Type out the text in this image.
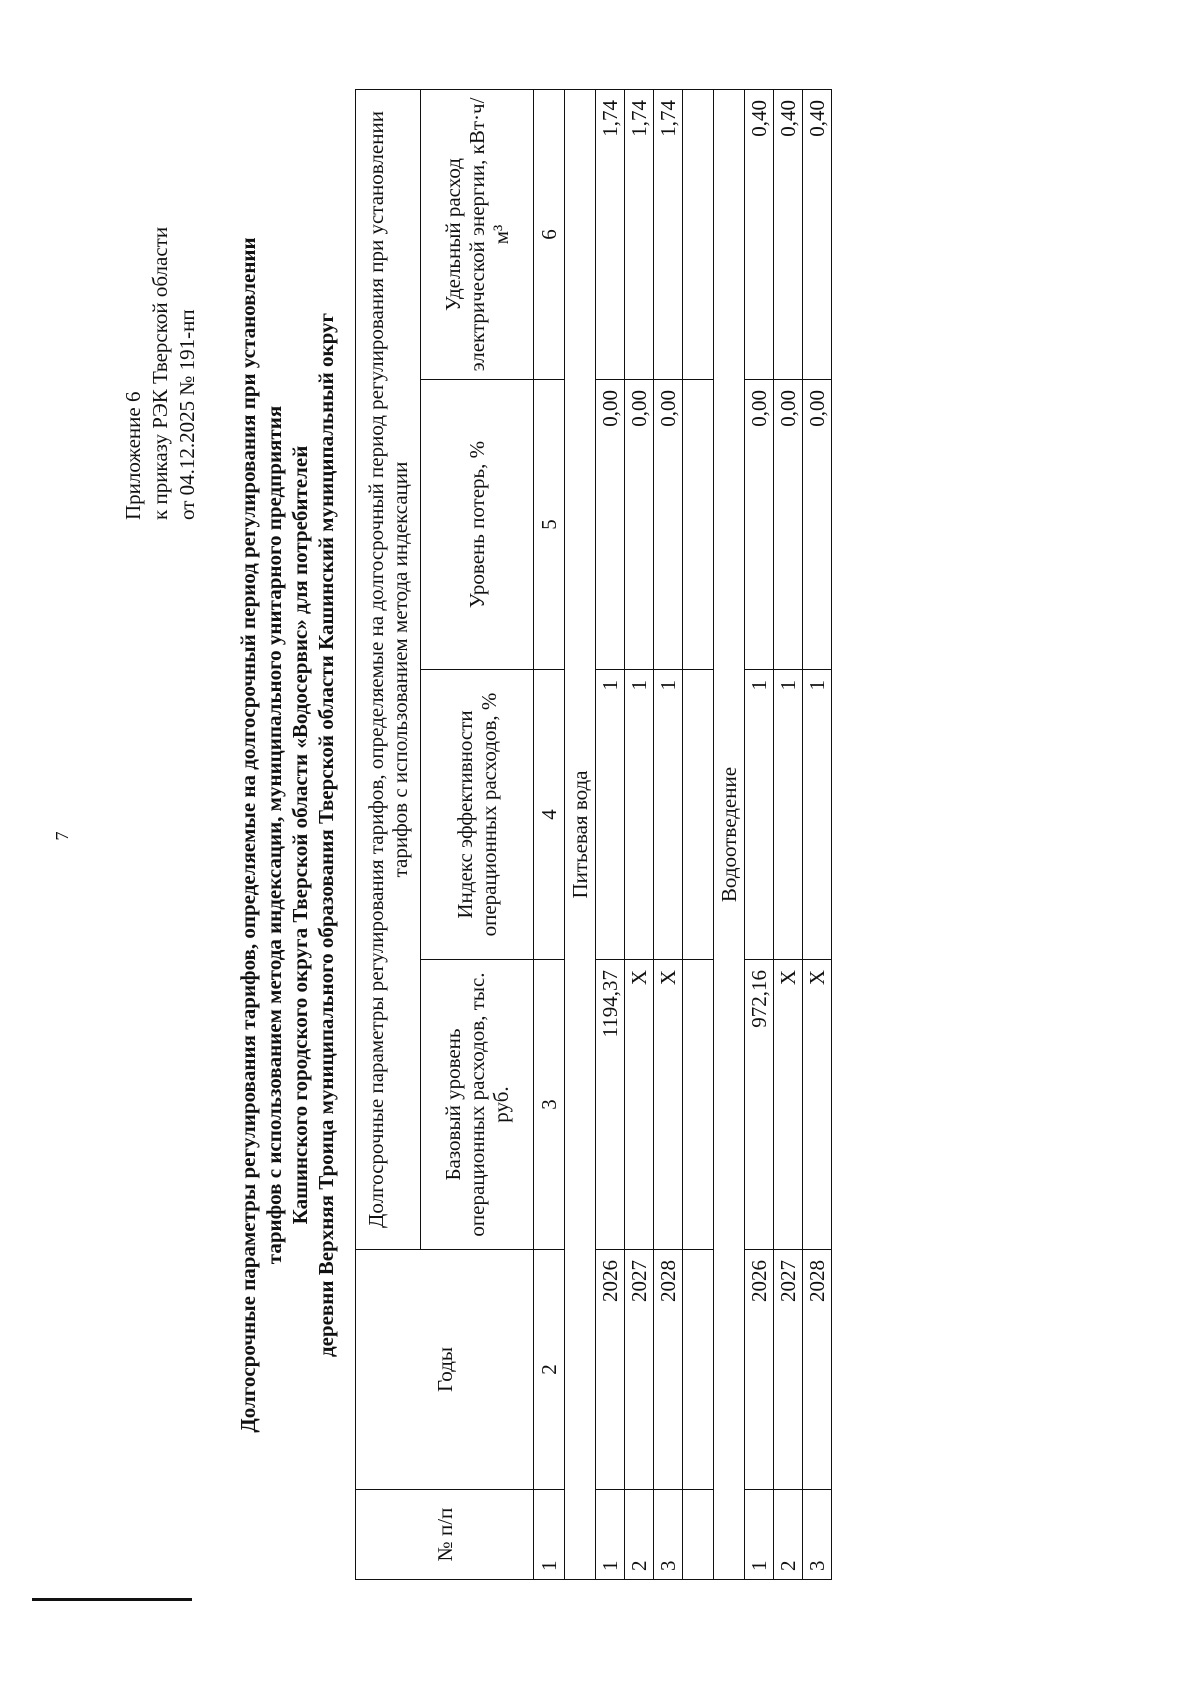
7
Приложение 6 к приказу РЭК Тверской области от 04.12.2025 № 191-нп Долгосрочные параметры регулирования тарифов, определяемые на долгосрочный период регулирования при установлении тарифов с использованием метода индексации, муниципального унитарного предприятия Кашинского городского округа Тверской области «Водосервис» для потребителей деревни Верхняя Троица муниципального образования Тверской области Кашинский муниципальный округ
№ п/п	Годы	Долгосрочные параметры регулирования тарифов, определяемые на долгосрочный период регулирования при установлении тарифов с использованием метода индексации			
		Базовый уровень операционных расходов, тыс. руб.	Индекс эффективности операционных расходов, %	Уровень потерь, %	Удельный расход электрической энергии, кВт·ч/м³
1	2	3	4	5	6
Питьевая вода					
1	2026	1194,37	1	0,00	1,74
2	2027	Х	1	0,00	1,74
3	2028	Х	1	0,00	1,74

Водоотведение					
1	2026	972,16	1	0,00	0,40
2	2027	Х	1	0,00	0,40
3	2028	Х	1	0,00	0,40
